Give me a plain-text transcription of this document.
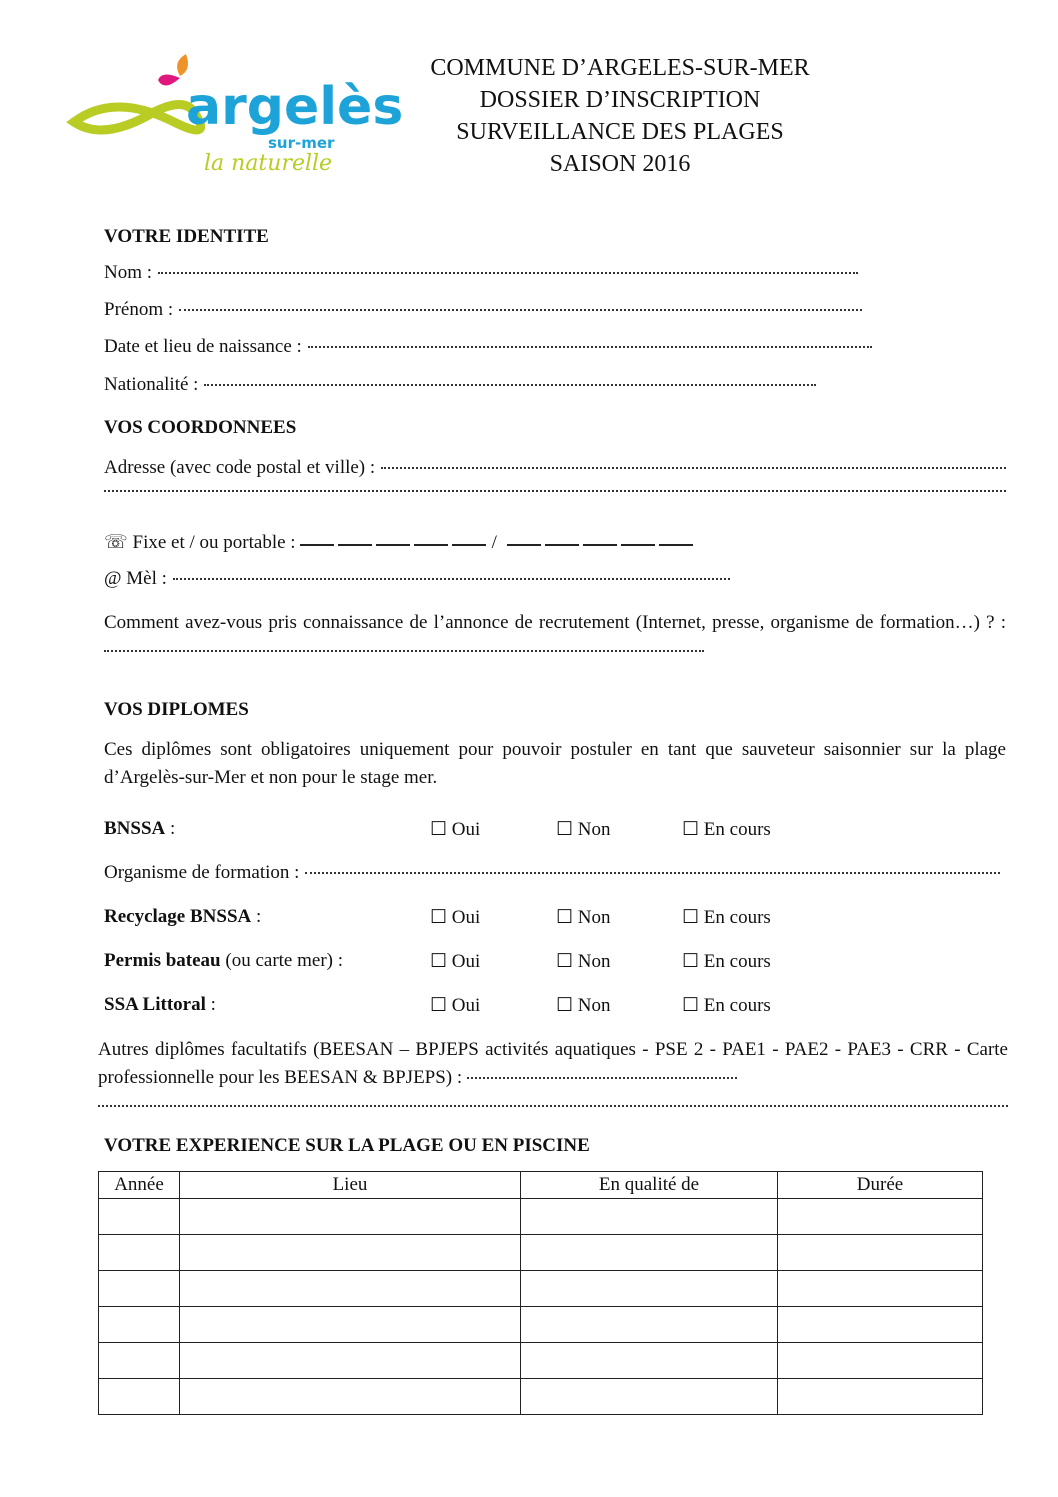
argelès
sur-mer
la naturelle
COMMUNE D’ARGELES-SUR-MER
DOSSIER D’INSCRIPTION
SURVEILLANCE DES PLAGES
SAISON 2016
VOTRE IDENTITE
Nom :
Prénom :
Date et lieu de naissance :
Nationalité :
VOS COORDONNEES
Adresse (avec code postal et ville) :
☏
Fixe et / ou portable :	/
@ Mèl :
Comment avez-vous pris connaissance de l’annonce de recrutement (Internet, presse, organisme de formation…) ? :
VOS DIPLOMES
Ces diplômes sont obligatoires uniquement pour pouvoir postuler en tant que sauveteur saisonnier sur la plage d’Argelès-sur-Mer et non pour le stage mer.
BNSSA :	☐ Oui	☐ Non	☐ En cours
Organisme de formation :
Recyclage BNSSA :	☐ Oui	☐ Non	☐ En cours
Permis bateau (ou carte mer) :	☐ Oui	☐ Non	☐ En cours
SSA Littoral :	☐ Oui	☐ Non	☐ En cours
Autres diplômes facultatifs (BEESAN – BPJEPS activités aquatiques - PSE 2 - PAE1 - PAE2 - PAE3 - CRR - Carte professionnelle pour les BEESAN & BPJEPS) :

VOTRE EXPERIENCE SUR LA PLAGE OU EN PISCINE
Année	Lieu	En qualité de	Durée
